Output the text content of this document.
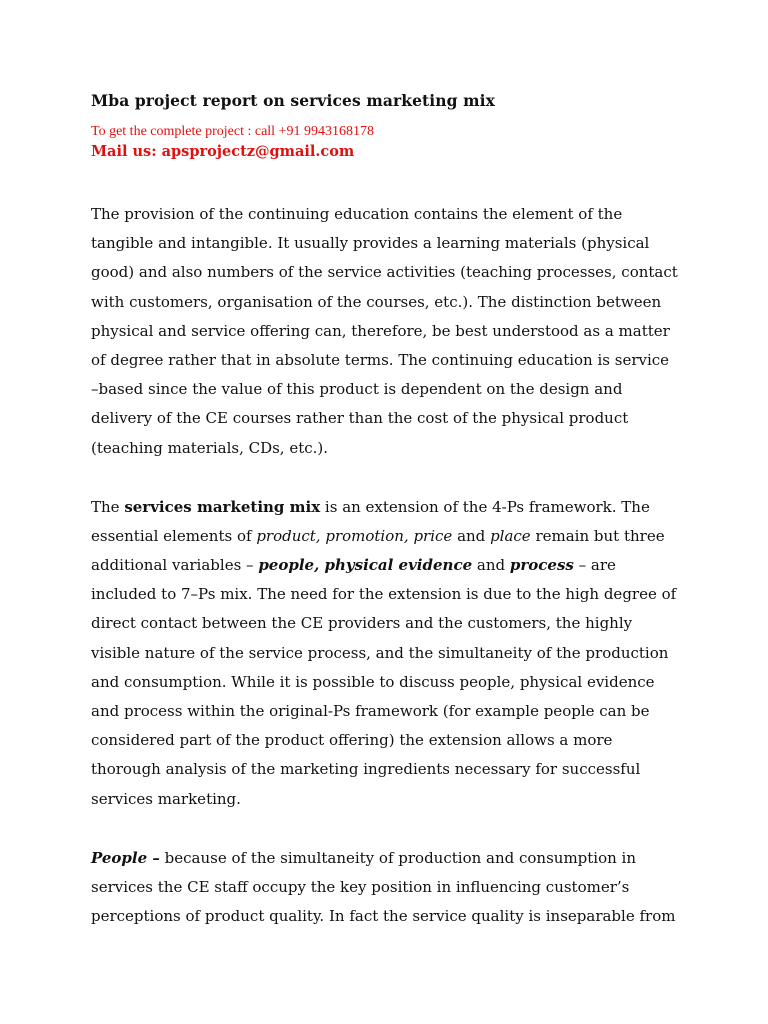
Mba project report on services marketing mix

To get the complete project : call +91 9943168178

Mail us: apsprojectz@gmail.com

The provision of the continuing education contains the element of the
tangible and intangible. It usually provides a learning materials (physical
good) and also numbers of the service activities (teaching processes, contact
with customers, organisation of the courses, etc.). The distinction between
physical and service offering can, therefore, be best understood as a matter
of degree rather that in absolute terms. The continuing education is service
–based since the value of this product is dependent on the design and
delivery of the CE courses rather than the cost of the physical product
(teaching materials, CDs, etc.).
The services marketing mix is an extension of the 4-Ps framework. The
essential elements of product, promotion, price and place remain but three
additional variables – people, physical evidence and process – are
included to 7–Ps mix. The need for the extension is due to the high degree of
direct contact between the CE providers and the customers, the highly
visible nature of the service process, and the simultaneity of the production
and consumption. While it is possible to discuss people, physical evidence
and process within the original-Ps framework (for example people can be
considered part of the product offering) the extension allows a more
thorough analysis of the marketing ingredients necessary for successful
services marketing.
People – because of the simultaneity of production and consumption in
services the CE staff occupy the key position in influencing customer’s
perceptions of product quality. In fact the service quality is inseparable from
